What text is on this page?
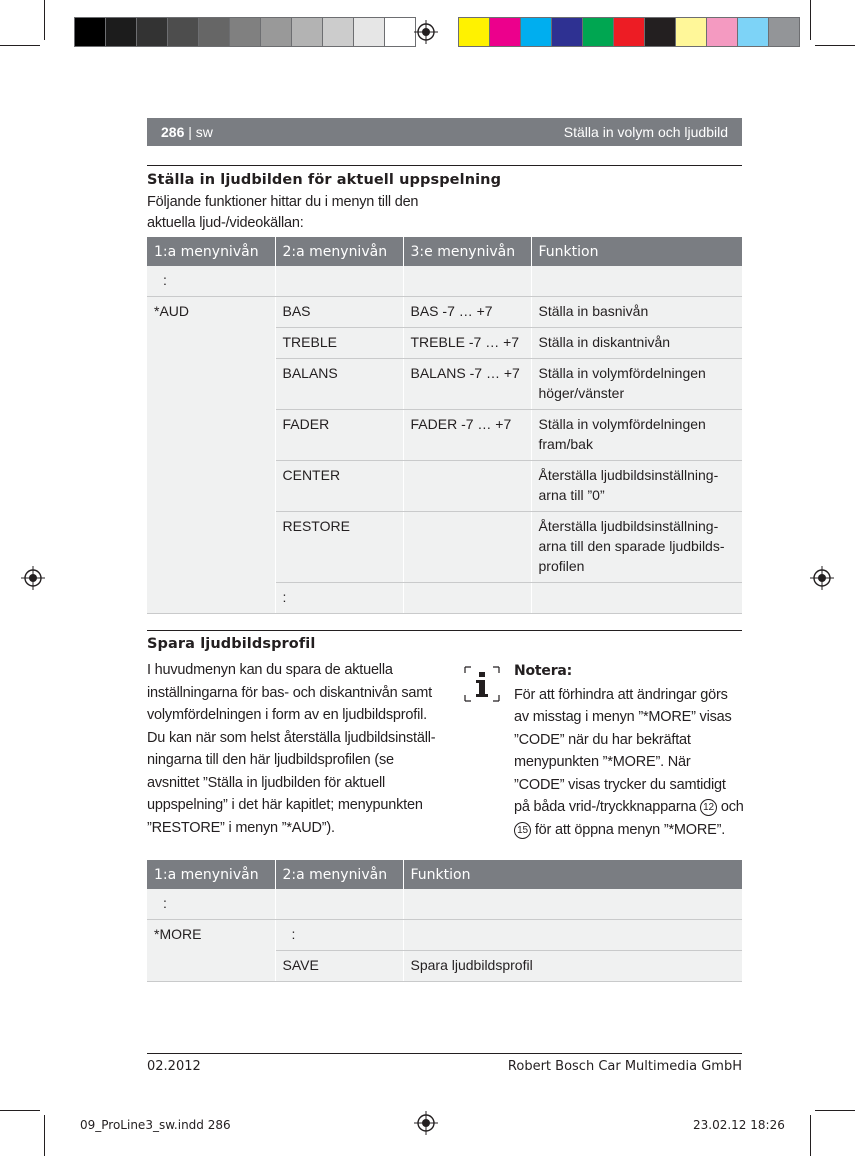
286 | sw	Ställa in volym och ljudbild
Ställa in ljudbilden för aktuell uppspelning
Följande funktioner hittar du i menyn till den
aktuella ljud-/videokällan:
1:a menynivån	2:a menynivån	3:e menynivån	Funktion
:			
*AUD	BAS	BAS -7 … +7	Ställa in basnivån
	TREBLE	TREBLE -7 … +7	Ställa in diskantnivån
	BALANS	BALANS -7 … +7	Ställa in volymfördelningen höger/vänster
	FADER	FADER -7 … +7	Ställa in volymfördelningen fram/bak
	CENTER		Återställa ljudbildsinställning-arna till ”0”
	RESTORE		Återställa ljudbildsinställning-arna till den sparade ljudbilds-profilen
	:		
Spara ljudbildsprofil
I huvudmenyn kan du spara de aktuella inställningarna för bas- och diskantnivån samt volymfördelningen i form av en ljudbildsprofil. Du kan när som helst återställa ljudbildsinställ-ningarna till den här ljudbildsprofilen (se avsnittet ”Ställa in ljudbilden för aktuell uppspelning” i det här kapitlet; menypunkten ”RESTORE” i menyn ”*AUD”).
Notera:
För att förhindra att ändringar görs av misstag i menyn ”*MORE” visas ”CODE” när du har bekräftat menypunkten ”*MORE”. När ”CODE” visas trycker du samtidigt på båda vrid-/tryckknapparna 12 och 15 för att öppna menyn ”*MORE”.
1:a menynivån	2:a menynivån	Funktion
:		
*MORE	:	
	SAVE	Spara ljudbildsprofil
02.2012	Robert Bosch Car Multimedia GmbH
09_ProLine3_sw.indd 286	23.02.12 18:26
